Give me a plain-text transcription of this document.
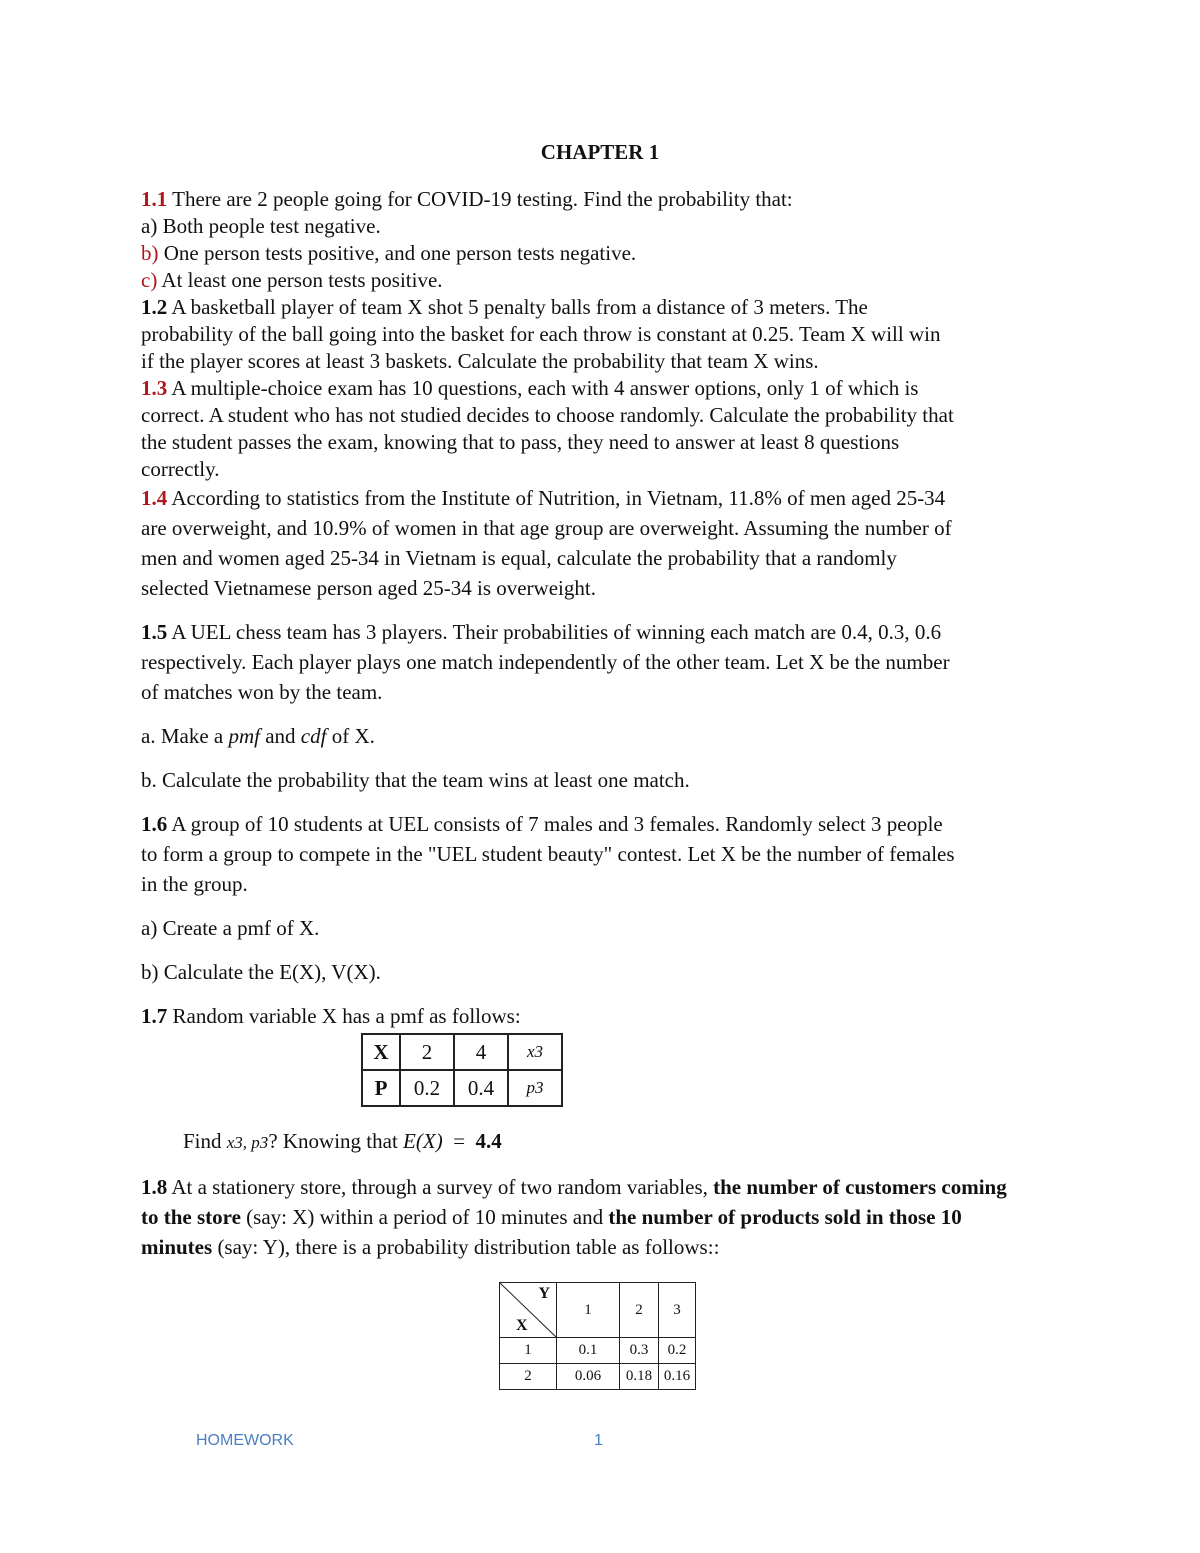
CHAPTER 1
1.1 There are 2 people going for COVID-19 testing. Find the probability that:
a) Both people test negative.
b) One person tests positive, and one person tests negative.
c) At least one person tests positive.
1.2 A basketball player of team X shot 5 penalty balls from a distance of 3 meters. The
probability of the ball going into the basket for each throw is constant at 0.25. Team X will win
if the player scores at least 3 baskets. Calculate the probability that team X wins.
1.3 A multiple-choice exam has 10 questions, each with 4 answer options, only 1 of which is
correct. A student who has not studied decides to choose randomly. Calculate the probability that
the student passes the exam, knowing that to pass, they need to answer at least 8 questions
correctly.
1.4 According to statistics from the Institute of Nutrition, in Vietnam, 11.8% of men aged 25-34
are overweight, and 10.9% of women in that age group are overweight. Assuming the number of
men and women aged 25-34 in Vietnam is equal, calculate the probability that a randomly
selected Vietnamese person aged 25-34 is overweight.
1.5 A UEL chess team has 3 players. Their probabilities of winning each match are 0.4, 0.3, 0.6
respectively. Each player plays one match independently of the other team. Let X be the number
of matches won by the team.
a. Make a pmf and cdf of X.
b. Calculate the probability that the team wins at least one match.
1.6 A group of 10 students at UEL consists of 7 males and 3 females. Randomly select 3 people
to form a group to compete in the "UEL student beauty" contest. Let X be the number of females
in the group.
a) Create a pmf of X.
b) Calculate the E(X), V(X).
1.7 Random variable X has a pmf as follows:
X	2	4	x3
P	0.2	0.4	p3
Find x3, p3? Knowing that E(X)  =  4.4
1.8 At a stationery store, through a survey of two random variables, the number of customers coming
to the store (say: X) within a period of 10 minutes and the number of products sold in those 10
minutes (say: Y), there is a probability distribution table as follows::
Y
X	1	2	3
1	0.1	0.3	0.2
2	0.06	0.18	0.16
HOMEWORK	1
